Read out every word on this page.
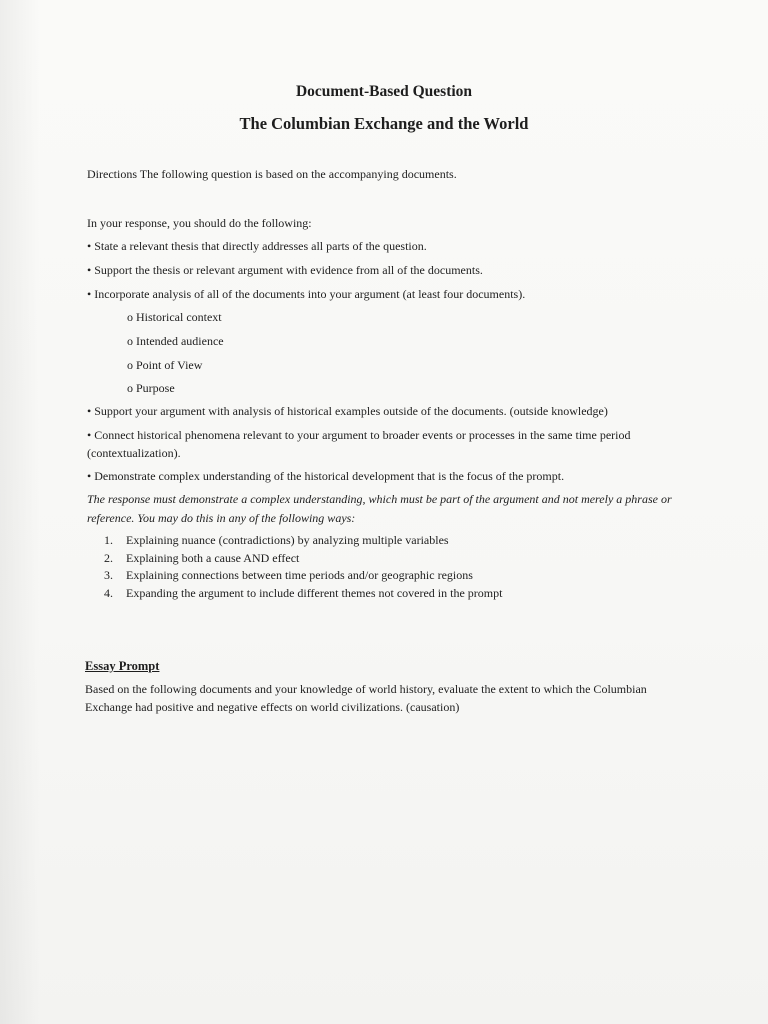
Document-Based Question
The Columbian Exchange and the World
Directions The following question is based on the accompanying documents.
In your response, you should do the following:
• State a relevant thesis that directly addresses all parts of the question.
• Support the thesis or relevant argument with evidence from all of the documents.
• Incorporate analysis of all of the documents into your argument (at least four documents).
o Historical context
o Intended audience
o Point of View
o Purpose
• Support your argument with analysis of historical examples outside of the documents. (outside knowledge)
• Connect historical phenomena relevant to your argument to broader events or processes in the same time period
(contextualization).
• Demonstrate complex understanding of the historical development that is the focus of the prompt.
The response must demonstrate a complex understanding, which must be part of the argument and not merely a phrase or
reference. You may do this in any of the following ways:
1. Explaining nuance (contradictions) by analyzing multiple variables
2. Explaining both a cause AND effect
3. Explaining connections between time periods and/or geographic regions
4. Expanding the argument to include different themes not covered in the prompt
Essay Prompt
Based on the following documents and your knowledge of world history, evaluate the extent to which the Columbian
Exchange had positive and negative effects on world civilizations. (causation)
